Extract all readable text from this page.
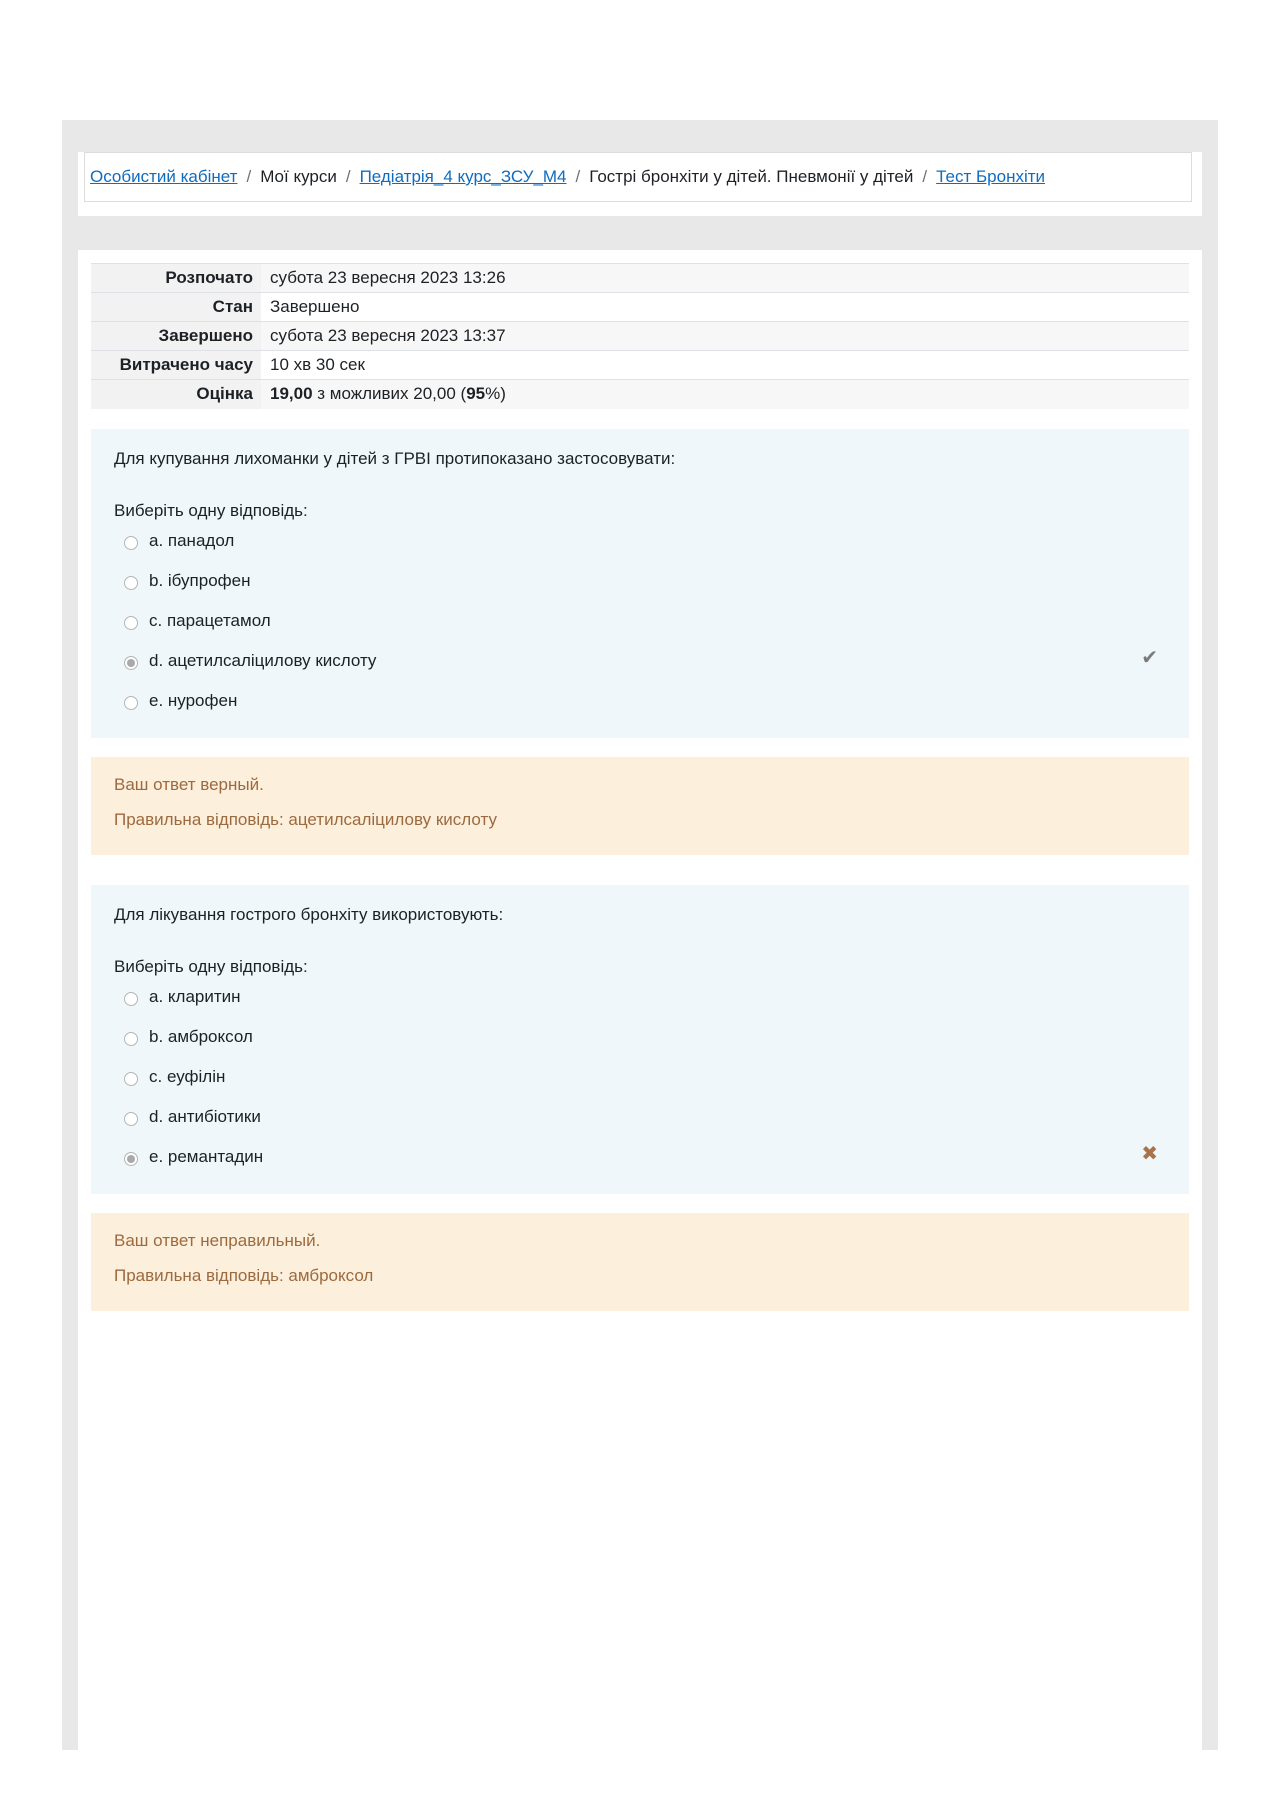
Особистий кабінет / Мої курси / Педіатрія_4 курс_ЗСУ_М4 / Гострі бронхіти у дітей. Пневмонії у дітей / Тест Бронхіти
Розпочато	субота 23 вересня 2023 13:26
Стан	Завершено
Завершено	субота 23 вересня 2023 13:37
Витрачено часу	10 хв 30 сек
Оцінка	19,00 з можливих 20,00 (95%)
Для купування лихоманки у дітей з ГРВІ протипоказано застосовувати:
Виберіть одну відповідь:
a. панадол
b. ібупрофен
c. парацетамол
d. ацетилсаліцилову кислоту	✔
e. нурофен
Ваш ответ верный.
Правильна відповідь: ацетилсаліцилову кислоту
Для лікування гострого бронхіту використовують:
Виберіть одну відповідь:
a. кларитин
b. амброксол
c. еуфілін
d. антибіотики
e. ремантадин	✖
Ваш ответ неправильный.
Правильна відповідь: амброксол
